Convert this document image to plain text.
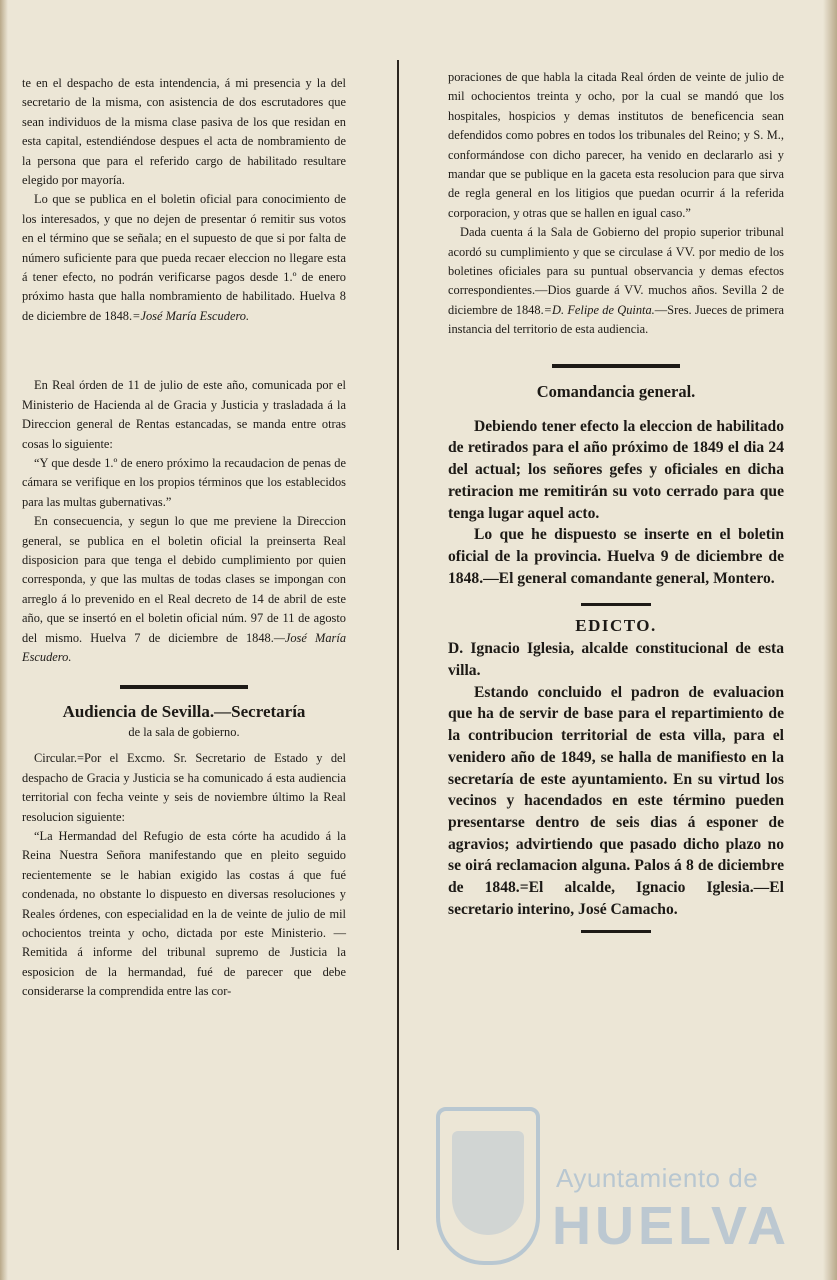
te en el despacho de esta intendencia, á mi presencia y la del secretario de la misma, con asistencia de dos escrutadores que sean individuos de la misma clase pasiva de los que residan en esta capital, estendiéndose despues el acta de nombramiento de la persona que para el referido cargo de habilitado resultare elegido por mayoría.

Lo que se publica en el boletin oficial para conocimiento de los interesados, y que no dejen de presentar ó remitir sus votos en el término que se señala; en el supuesto de que si por falta de número suficiente para que pueda recaer eleccion no llegare esta á tener efecto, no podrán verificarse pagos desde 1.º de enero próximo hasta que halla nombramiento de habilitado. Huelva 8 de diciembre de 1848.=José María Escudero.

En Real órden de 11 de julio de este año, comunicada por el Ministerio de Hacienda al de Gracia y Justicia y trasladada á la Direccion general de Rentas estancadas, se manda entre otras cosas lo siguiente:

“Y que desde 1.º de enero próximo la recaudacion de penas de cámara se verifique en los propios términos que los establecidos para las multas gubernativas.”

En consecuencia, y segun lo que me previene la Direccion general, se publica en el boletin oficial la preinserta Real disposicion para que tenga el debido cumplimiento por quien corresponda, y que las multas de todas clases se impongan con arreglo á lo prevenido en el Real decreto de 14 de abril de este año, que se insertó en el boletin oficial núm. 97 de 11 de agosto del mismo. Huelva 7 de diciembre de 1848.—José María Escudero.

Audiencia de Sevilla.—Secretaría

de la sala de gobierno.

Circular.=Por el Excmo. Sr. Secretario de Estado y del despacho de Gracia y Justicia se ha comunicado á esta audiencia territorial con fecha veinte y seis de noviembre último la Real resolucion siguiente:

“La Hermandad del Refugio de esta córte ha acudido á la Reina Nuestra Señora manifestando que en pleito seguido recientemente se le habian exigido las costas á que fué condenada, no obstante lo dispuesto en diversas resoluciones y Reales órdenes, con especialidad en la de veinte de julio de mil ochocientos treinta y ocho, dictada por este Ministerio. —Remitida á informe del tribunal supremo de Justicia la esposicion de la hermandad, fué de parecer que debe considerarse la comprendida entre las cor-

poraciones de que habla la citada Real órden de veinte de julio de mil ochocientos treinta y ocho, por la cual se mandó que los hospitales, hospicios y demas institutos de beneficencia sean defendidos como pobres en todos los tribunales del Reino; y S. M., conformándose con dicho parecer, ha venido en declararlo asi y mandar que se publique en la gaceta esta resolucion para que sirva de regla general en los litigios que puedan ocurrir á la referida corporacion, y otras que se hallen en igual caso.”

Dada cuenta á la Sala de Gobierno del propio superior tribunal acordó su cumplimiento y que se circulase á VV. por medio de los boletines oficiales para su puntual observancia y demas efectos correspondientes.—Dios guarde á VV. muchos años. Sevilla 2 de diciembre de 1848.=D. Felipe de Quinta.—Sres. Jueces de primera instancia del territorio de esta audiencia.

Comandancia general.

Debiendo tener efecto la eleccion de habilitado de retirados para el año próximo de 1849 el dia 24 del actual; los señores gefes y oficiales en dicha retiracion me remitirán su voto cerrado para que tenga lugar aquel acto.

Lo que he dispuesto se inserte en el boletin oficial de la provincia. Huelva 9 de diciembre de 1848.—El general comandante general, Montero.

EDICTO.

D. Ignacio Iglesia, alcalde constitucional de esta villa.

Estando concluido el padron de evaluacion que ha de servir de base para el repartimiento de la contribucion territorial de esta villa, para el venidero año de 1849, se halla de manifiesto en la secretaría de este ayuntamiento. En su virtud los vecinos y hacendados en este término pueden presentarse dentro de seis dias á esponer de agravios; advirtiendo que pasado dicho plazo no se oirá reclamacion alguna. Palos á 8 de diciembre de 1848.=El alcalde, Ignacio Iglesia.—El secretario interino, José Camacho.

Ayuntamiento de
HUELVA
